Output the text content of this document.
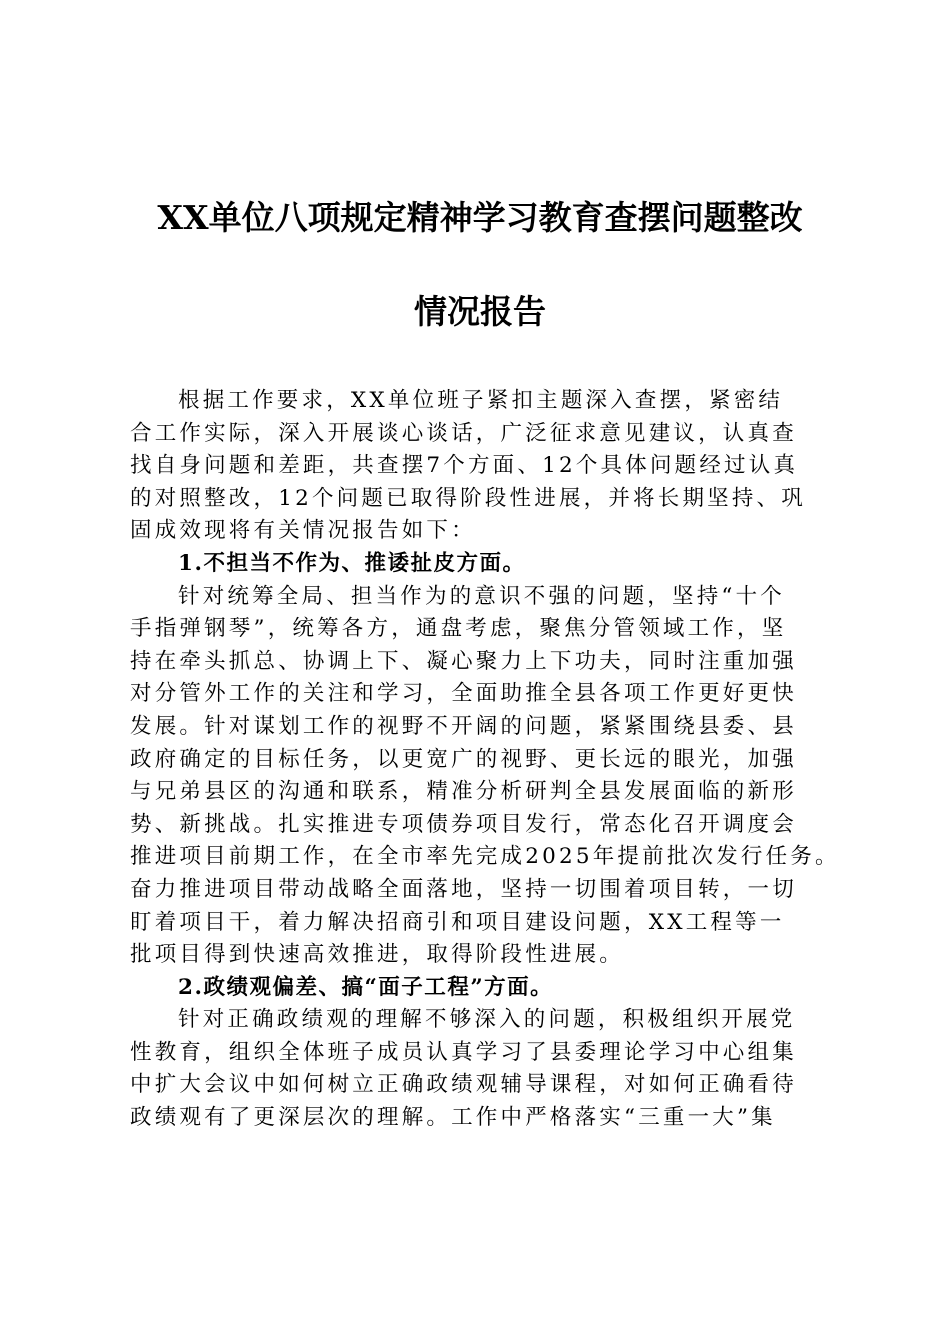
XX单位八项规定精神学习教育查摆问题整改
情况报告
根据工作要求，XX单位班子紧扣主题深入查摆，紧密结
合工作实际，深入开展谈心谈话，广泛征求意见建议，认真查
找自身问题和差距，共查摆7个方面、12个具体问题经过认真
的对照整改，12个问题已取得阶段性进展，并将长期坚持、巩
固成效现将有关情况报告如下：
1.不担当不作为、推诿扯皮方面。
针对统筹全局、担当作为的意识不强的问题，坚持“十个
手指弹钢琴”，统筹各方，通盘考虑，聚焦分管领域工作，坚
持在牵头抓总、协调上下、凝心聚力上下功夫，同时注重加强
对分管外工作的关注和学习，全面助推全县各项工作更好更快
发展。针对谋划工作的视野不开阔的问题，紧紧围绕县委、县
政府确定的目标任务，以更宽广的视野、更长远的眼光，加强
与兄弟县区的沟通和联系，精准分析研判全县发展面临的新形
势、新挑战。扎实推进专项债券项目发行，常态化召开调度会
推进项目前期工作，在全市率先完成2025年提前批次发行任务。
奋力推进项目带动战略全面落地，坚持一切围着项目转，一切
盯着项目干，着力解决招商引和项目建设问题，XX工程等一
批项目得到快速高效推进，取得阶段性进展。
2.政绩观偏差、搞“面子工程”方面。
针对正确政绩观的理解不够深入的问题，积极组织开展党
性教育，组织全体班子成员认真学习了县委理论学习中心组集
中扩大会议中如何树立正确政绩观辅导课程，对如何正确看待
政绩观有了更深层次的理解。工作中严格落实“三重一大”集
